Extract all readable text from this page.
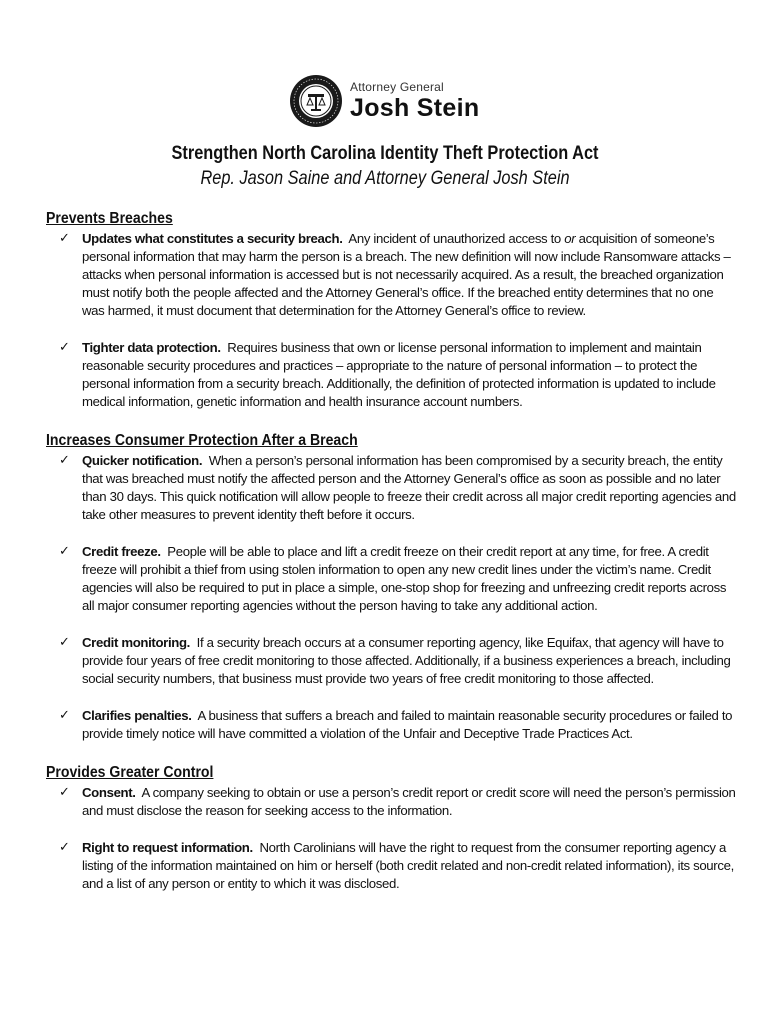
Attorney General
Josh Stein
Strengthen North Carolina Identity Theft Protection Act
Rep. Jason Saine and Attorney General Josh Stein
Prevents Breaches
✓ Updates what constitutes a security breach. Any incident of unauthorized access to or acquisition of someone’s personal information that may harm the person is a breach. The new definition will now include Ransomware attacks – attacks when personal information is accessed but is not necessarily acquired. As a result, the breached organization must notify both the people affected and the Attorney General’s office. If the breached entity determines that no one was harmed, it must document that determination for the Attorney General’s office to review.
✓ Tighter data protection. Requires business that own or license personal information to implement and maintain reasonable security procedures and practices – appropriate to the nature of personal information – to protect the personal information from a security breach. Additionally, the definition of protected information is updated to include medical information, genetic information and health insurance account numbers.
Increases Consumer Protection After a Breach
✓ Quicker notification. When a person’s personal information has been compromised by a security breach, the entity that was breached must notify the affected person and the Attorney General’s office as soon as possible and no later than 30 days. This quick notification will allow people to freeze their credit across all major credit reporting agencies and take other measures to prevent identity theft before it occurs.
✓ Credit freeze. People will be able to place and lift a credit freeze on their credit report at any time, for free. A credit freeze will prohibit a thief from using stolen information to open any new credit lines under the victim’s name. Credit agencies will also be required to put in place a simple, one-stop shop for freezing and unfreezing credit reports across all major consumer reporting agencies without the person having to take any additional action.
✓ Credit monitoring. If a security breach occurs at a consumer reporting agency, like Equifax, that agency will have to provide four years of free credit monitoring to those affected. Additionally, if a business experiences a breach, including social security numbers, that business must provide two years of free credit monitoring to those affected.
✓ Clarifies penalties. A business that suffers a breach and failed to maintain reasonable security procedures or failed to provide timely notice will have committed a violation of the Unfair and Deceptive Trade Practices Act.
Provides Greater Control
✓ Consent. A company seeking to obtain or use a person’s credit report or credit score will need the person’s permission and must disclose the reason for seeking access to the information.
✓ Right to request information. North Carolinians will have the right to request from the consumer reporting agency a listing of the information maintained on him or herself (both credit related and non-credit related information), its source, and a list of any person or entity to which it was disclosed.
